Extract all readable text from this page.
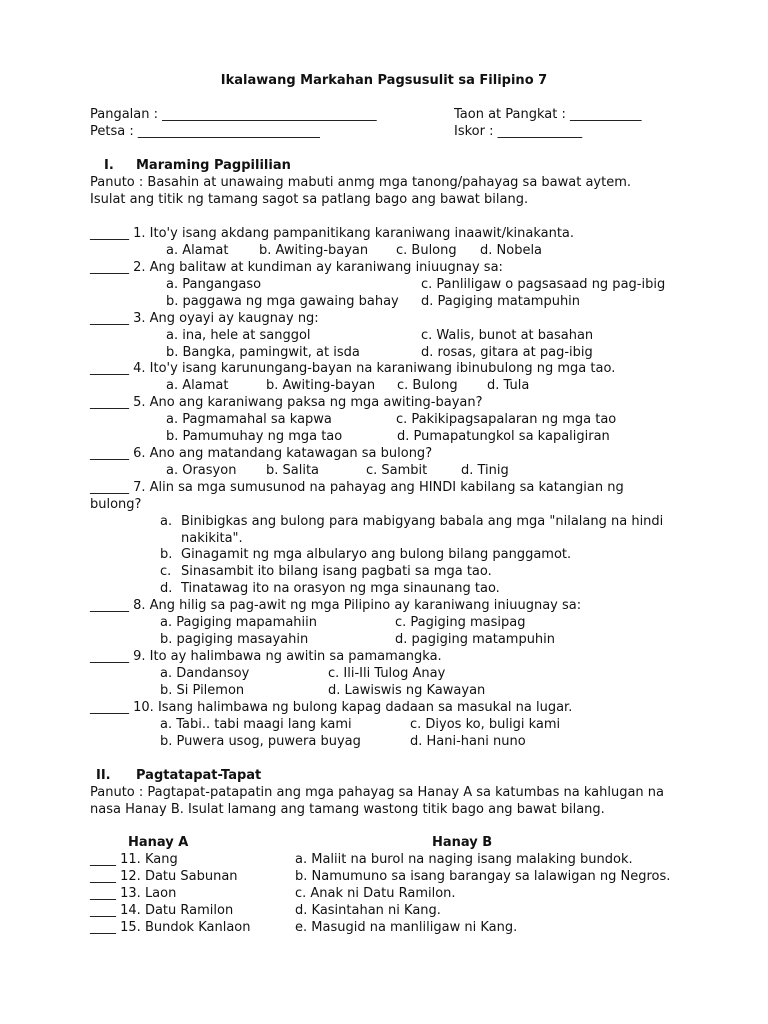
Ikalawang Markahan Pagsusulit sa Filipino 7
Pangalan : _________________________________	Taon at Pangkat : ___________
Petsa : ____________________________	Iskor : _____________
I. Maraming Pagpililian
Panuto : Basahin at unawaing mabuti anmg mga tanong/pahayag sa bawat aytem.
Isulat ang titik ng tamang sagot sa patlang bago ang bawat bilang.
______ 1. Ito'y isang akdang pampanitikang karaniwang inaawit/kinakanta.
a. Alamat b. Awiting-bayan c. Bulong d. Nobela
______ 2. Ang balitaw at kundiman ay karaniwang iniuugnay sa:
a. Pangangaso	c. Panliligaw o pagsasaad ng pag-ibig
b. paggawa ng mga gawaing bahay d. Pagiging matampuhin
______ 3. Ang oyayi ay kaugnay ng:
a. ina, hele at sanggol	c. Walis, bunot at basahan
b. Bangka, pamingwit, at isda	d. rosas, gitara at pag-ibig
______ 4. Ito'y isang karunungang-bayan na karaniwang ibinubulong ng mga tao.
a. Alamat	b. Awiting-bayan c. Bulong d. Tula
______ 5. Ano ang karaniwang paksa ng mga awiting-bayan?
a. Pagmamahal sa kapwa	c. Pakikipagsapalaran ng mga tao
b. Pamumuhay ng mga tao	d. Pumapatungkol sa kapaligiran
______ 6. Ano ang matandang katawagan sa bulong?
a. Orasyon b. Salita	c. Sambit	d. Tinig
______ 7. Alin sa mga sumusunod na pahayag ang HINDI kabilang sa katangian ng
bulong?
a. Binibigkas ang bulong para mabigyang babala ang mga "nilalang na hindi
nakikita".
b. Ginagamit ng mga albularyo ang bulong bilang panggamot.
c. Sinasambit ito bilang isang pagbati sa mga tao.
d. Tinatawag ito na orasyon ng mga sinaunang tao.
______ 8. Ang hilig sa pag-awit ng mga Pilipino ay karaniwang iniuugnay sa:
a. Pagiging mapamahiin	c. Pagiging masipag
b. pagiging masayahin	d. pagiging matampuhin
______ 9. Ito ay halimbawa ng awitin sa pamamangka.
a. Dandansoy	c. Ili-Ili Tulog Anay
b. Si Pilemon	d. Lawiswis ng Kawayan
______ 10. Isang halimbawa ng bulong kapag dadaan sa masukal na lugar.
a. Tabi.. tabi maagi lang kami	c. Diyos ko, buligi kami
b. Puwera usog, puwera buyag	d. Hani-hani nuno
II. Pagtatapat-Tapat
Panuto : Pagtapat-patapatin ang mga pahayag sa Hanay A sa katumbas na kahlugan na
nasa Hanay B. Isulat lamang ang tamang wastong titik bago ang bawat bilang.
Hanay A	Hanay B
____ 11. Kang	a. Maliit na burol na naging isang malaking bundok.
____ 12. Datu Sabunan	b. Namumuno sa isang barangay sa lalawigan ng Negros.
____ 13. Laon	c. Anak ni Datu Ramilon.
____ 14. Datu Ramilon	d. Kasintahan ni Kang.
____ 15. Bundok Kanlaon	e. Masugid na manliligaw ni Kang.
